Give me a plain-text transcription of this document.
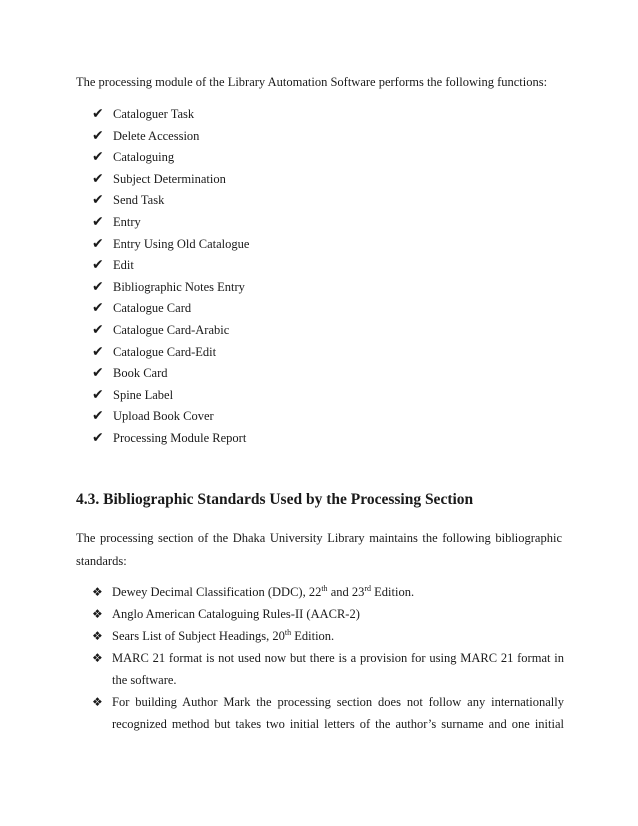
The processing module of the Library Automation Software performs the following functions:
✔ Cataloguer Task
✔ Delete Accession
✔ Cataloguing
✔ Subject Determination
✔ Send Task
✔ Entry
✔ Entry Using Old Catalogue
✔ Edit
✔ Bibliographic Notes Entry
✔ Catalogue Card
✔ Catalogue Card-Arabic
✔ Catalogue Card-Edit
✔ Book Card
✔ Spine Label
✔ Upload Book Cover
✔ Processing Module Report
4.3. Bibliographic Standards Used by the Processing Section
The processing section of the Dhaka University Library maintains the following bibliographic standards:
❖ Dewey Decimal Classification (DDC), 22th and 23rd Edition.
❖ Anglo American Cataloguing Rules-II (AACR-2)
❖ Sears List of Subject Headings, 20th Edition.
❖ MARC 21 format is not used now but there is a provision for using MARC 21 format in the software.
❖ For building Author Mark the processing section does not follow any internationally recognized method but takes two initial letters of the author’s surname and one initial
